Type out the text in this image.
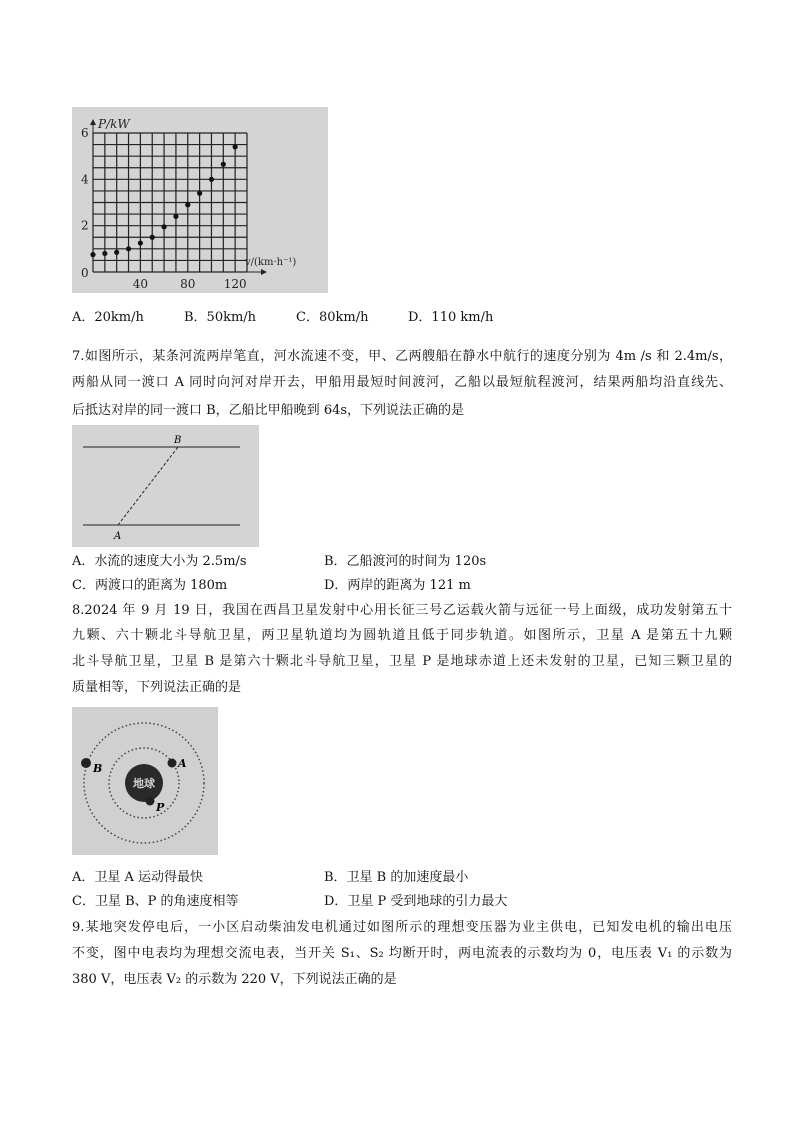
P/kW
v/(km·h⁻¹)
0
40	80 120
2
4
6
A．20km/h	B．50km/h	C．80km/h	D．110 km/h
7.如图所示，某条河流两岸笔直，河水流速不变，甲、乙两艘船在静水中航行的速度分别为 4m /s 和 2.4m/s，
两船从同一渡口 A 同时向河对岸开去，甲船用最短时间渡河，乙船以最短航程渡河，结果两船均沿直线先、
后抵达对岸的同一渡口 B，乙船比甲船晚到 64s，下列说法正确的是
B
A
A．水流的速度大小为 2.5m/s	B．乙船渡河的时间为 120s
C．两渡口的距离为 180m	D．两岸的距离为 121 m
8.2024 年 9 月 19 日，我国在西昌卫星发射中心用长征三号乙运载火箭与远征一号上面级，成功发射第五十
九颗、六十颗北斗导航卫星，两卫星轨道均为圆轨道且低于同步轨道。如图所示，卫星 A 是第五十九颗
北斗导航卫星，卫星 B 是第六十颗北斗导航卫星，卫星 P 是地球赤道上还未发射的卫星，已知三颗卫星的
质量相等，下列说法正确的是
地球
B	A
P
A．卫星 A 运动得最快	B．卫星 B 的加速度最小
C．卫星 B、P 的角速度相等	D．卫星 P 受到地球的引力最大
9.某地突发停电后，一小区启动柴油发电机通过如图所示的理想变压器为业主供电，已知发电机的输出电压
不变，图中电表均为理想交流电表，当开关 S₁、S₂ 均断开时，两电流表的示数均为 0，电压表 V₁ 的示数为
380 V，电压表 V₂ 的示数为 220 V，下列说法正确的是
